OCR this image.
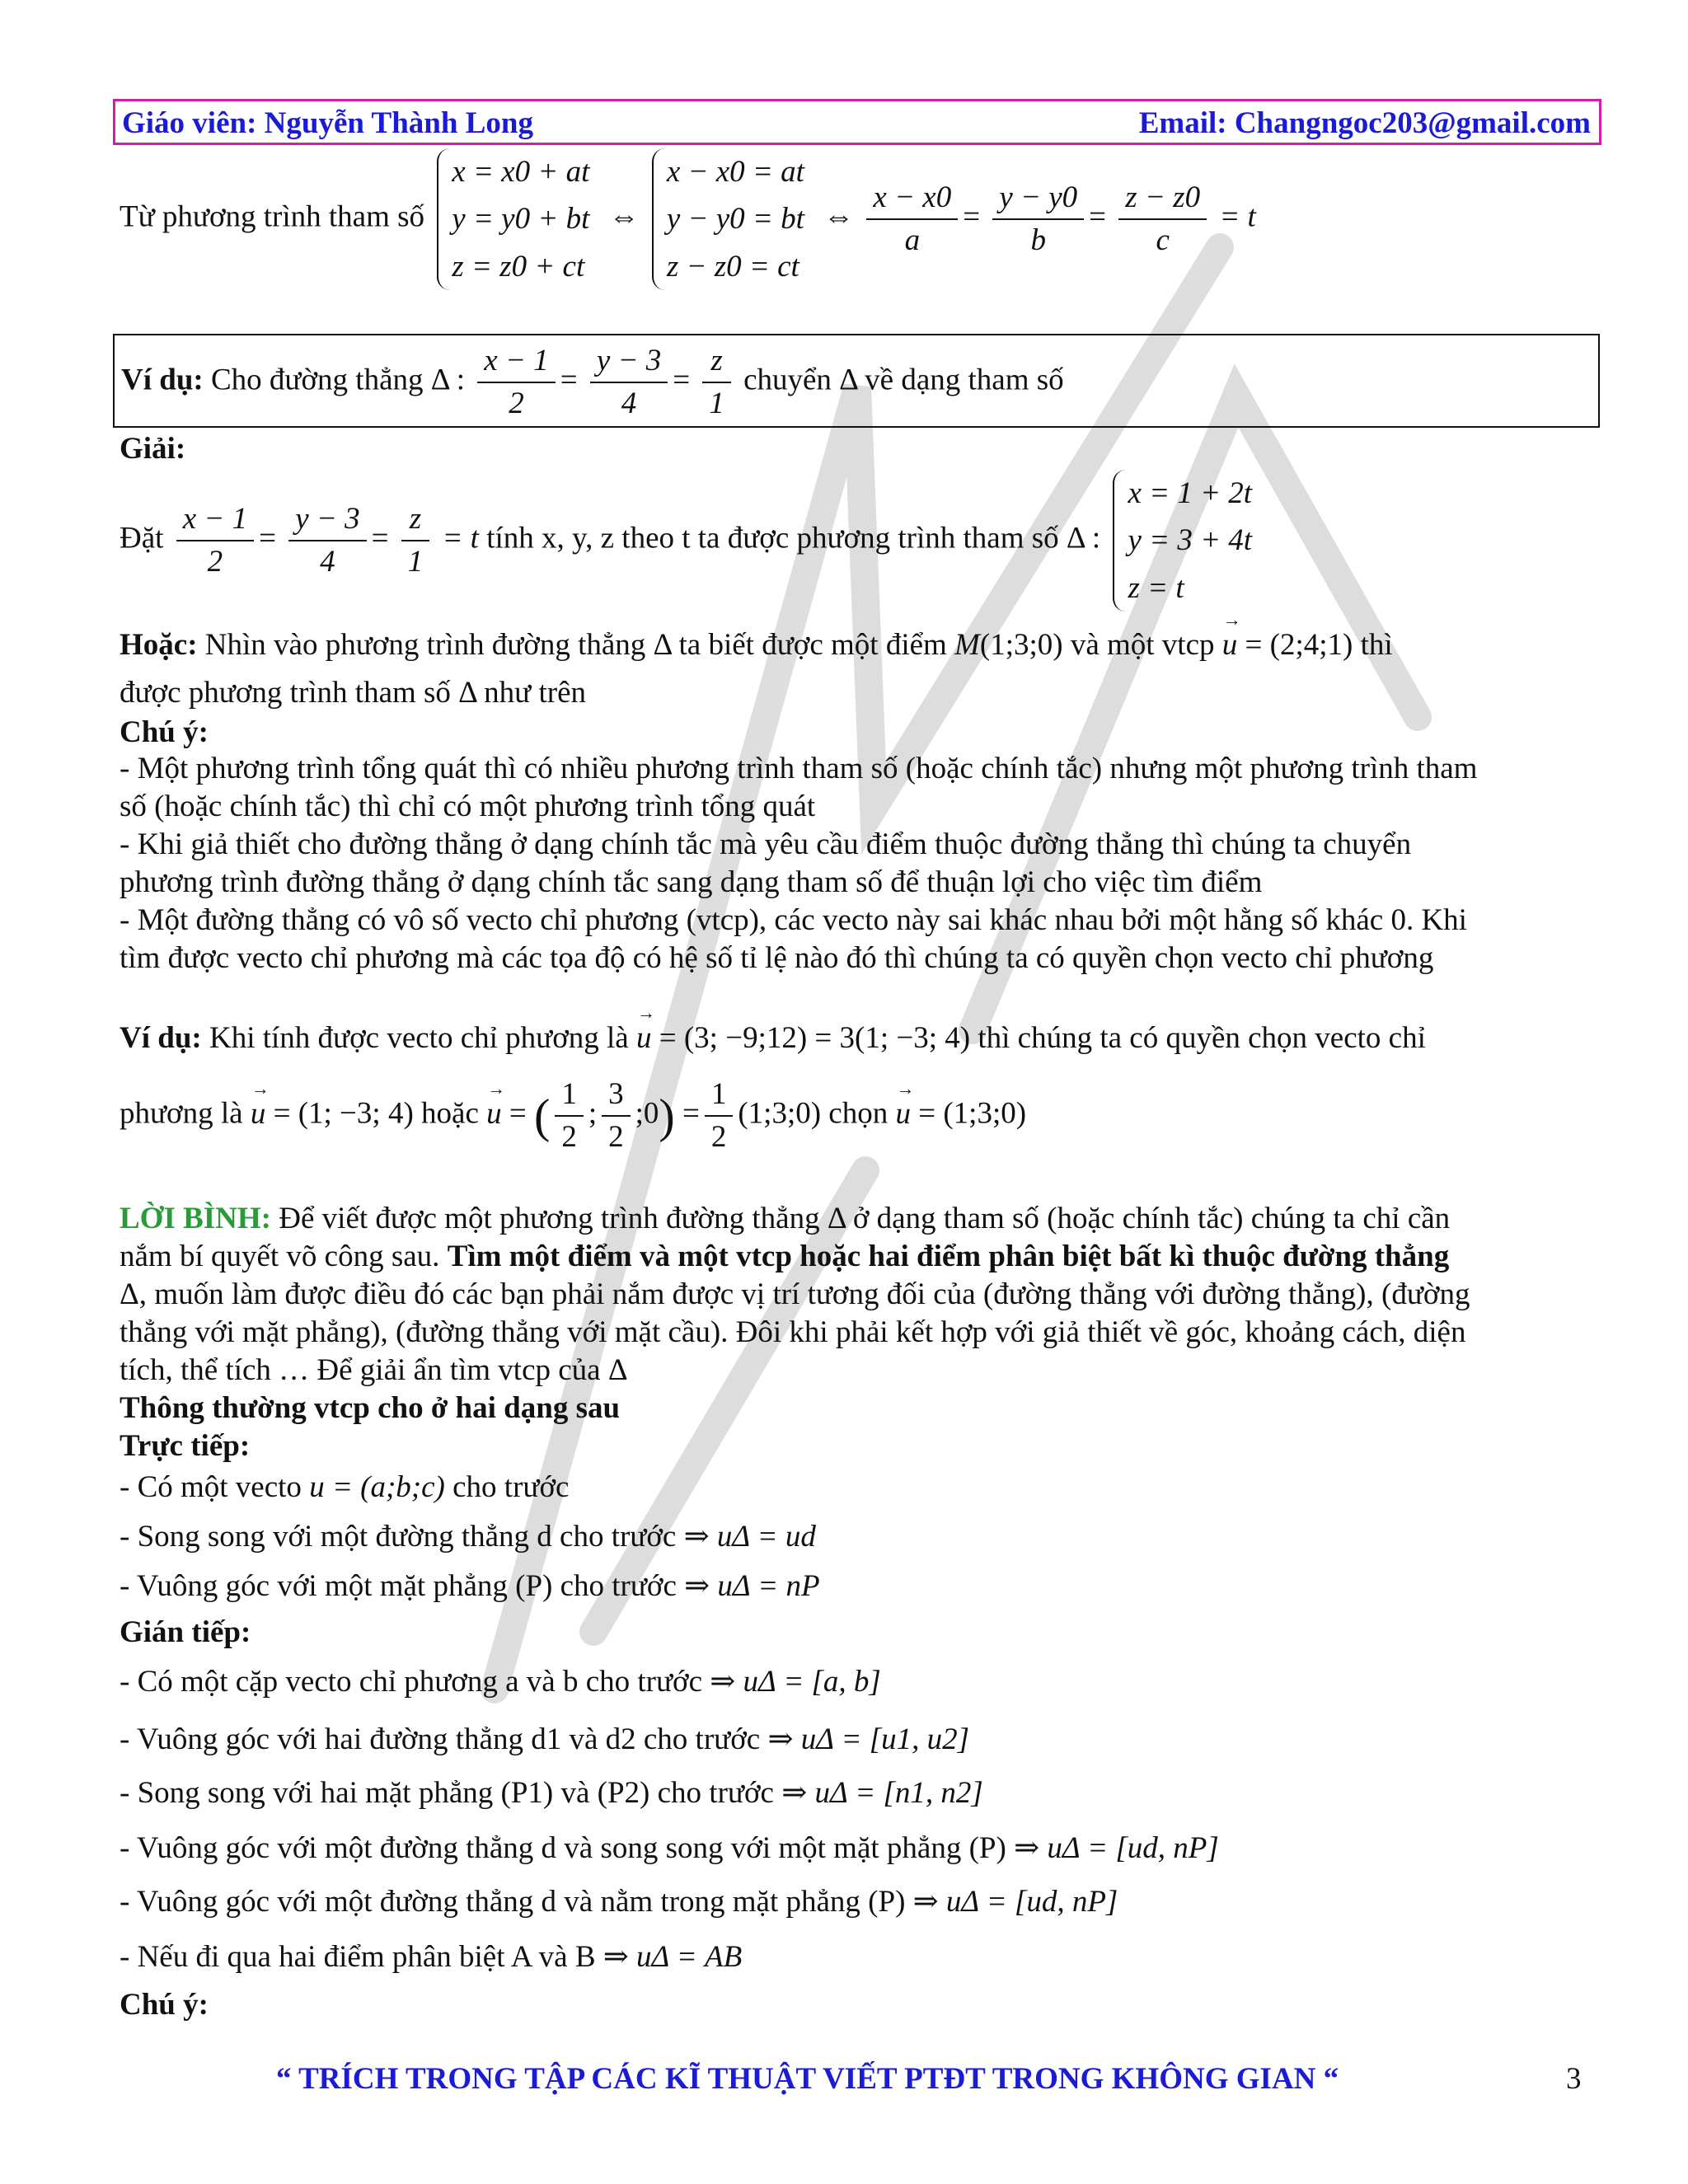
Giáo viên: Nguyễn Thành Long	Email: Changngoc203@gmail.com
Từ phương trình tham số
x = x0 + at
y = y0 + bt
z = z0 + ct
⇔
x − x0 = at
y − y0 = bt
z − z0 = ct
⇔ $\frac{x - x0}{a} = \frac{y - y0}{b} = \frac{z - z0}{c} = t$
Ví dụ: Cho đường thẳng Δ : $\frac{x - 1}{2} = \frac{y - 3}{4} = \frac{z}{1}$ chuyển Δ về dạng tham số
Giải:
Đặt $\frac{x - 1}{2} = \frac{y - 3}{4} = \frac{z}{1} = t$ tính x, y, z theo t ta được phương trình tham số Δ :
x = 1 + 2t
y = 3 + 4t
z = t
Hoặc: Nhìn vào phương trình đường thẳng Δ ta biết được một điểm M(1;3;0) và một vtcp → u = (2;4;1) thì
được phương trình tham số Δ như trên
Chú ý:
- Một phương trình tổng quát thì có nhiều phương trình tham số (hoặc chính tắc) nhưng một phương trình tham
số (hoặc chính tắc) thì chỉ có một phương trình tổng quát
- Khi giả thiết cho đường thẳng ở dạng chính tắc mà yêu cầu điểm thuộc đường thẳng thì chúng ta chuyển
phương trình đường thẳng ở dạng chính tắc sang dạng tham số để thuận lợi cho việc tìm điểm
- Một đường thẳng có vô số vecto chỉ phương (vtcp), các vecto này sai khác nhau bởi một hằng số khác 0. Khi
tìm được vecto chỉ phương mà các tọa độ có hệ số tỉ lệ nào đó thì chúng ta có quyền chọn vecto chỉ phương
Ví dụ: Khi tính được vecto chỉ phương là → u = (3; −9;12) = 3(1; −3; 4) thì chúng ta có quyền chọn vecto chỉ
phương là → u = (1; −3; 4) hoặc → u = ( $\frac{1}{2}$ ; $\frac{3}{2}$ ;0) = $\frac{1}{2}$ (1;3;0) chọn → u = (1;3;0)
LỜI BÌNH: Để viết được một phương trình đường thẳng Δ ở dạng tham số (hoặc chính tắc) chúng ta chỉ cần
nắm bí quyết võ công sau. Tìm một điểm và một vtcp hoặc hai điểm phân biệt bất kì thuộc đường thẳng
Δ, muốn làm được điều đó các bạn phải nắm được vị trí tương đối của (đường thẳng với đường thẳng), (đường
thẳng với mặt phẳng), (đường thẳng với mặt cầu). Đôi khi phải kết hợp với giả thiết về góc, khoảng cách, diện
tích, thể tích … Để giải ẩn tìm vtcp của Δ
Thông thường vtcp cho ở hai dạng sau
Trực tiếp:
- Có một vecto u = (a;b;c) cho trước
- Song song với một đường thẳng d cho trước ⇒ uΔ = ud
- Vuông góc với một mặt phẳng (P) cho trước ⇒ uΔ = nP
Gián tiếp:
- Có một cặp vecto chỉ phương a và b cho trước ⇒ uΔ = [a, b]
- Vuông góc với hai đường thẳng d1 và d2 cho trước ⇒ uΔ = [u1, u2]
- Song song với hai mặt phẳng (P1) và (P2) cho trước ⇒ uΔ = [n1, n2]
- Vuông góc với một đường thẳng d và song song với một mặt phẳng (P) ⇒ uΔ = [ud, nP]
- Vuông góc với một đường thẳng d và nằm trong mặt phẳng (P) ⇒ uΔ = [ud, nP]
- Nếu đi qua hai điểm phân biệt A và B ⇒ uΔ = AB
Chú ý:
“ TRÍCH TRONG TẬP CÁC KĨ THUẬT VIẾT PTĐT TRONG KHÔNG GIAN “	3
